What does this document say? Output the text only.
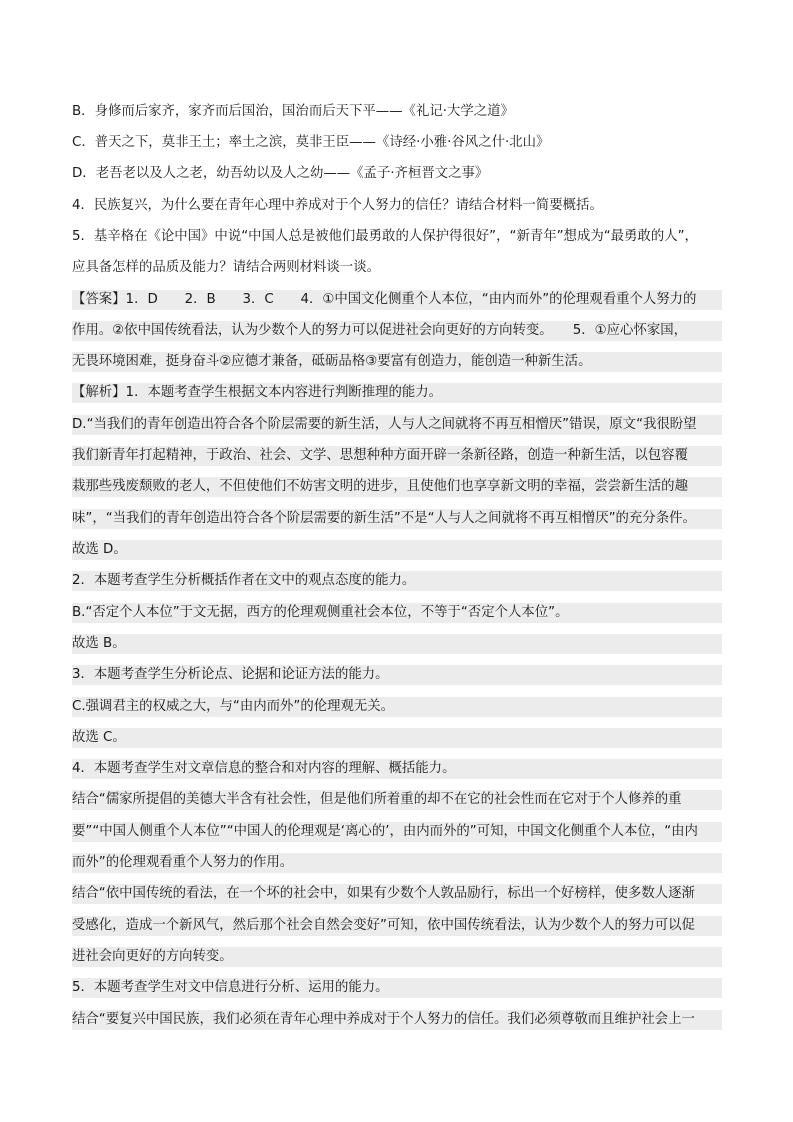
B．身修而后家齐，家齐而后国治，国治而后天下平——《礼记·大学之道》
C．普天之下，莫非王土；率土之滨，莫非王臣——《诗经·小雅·谷风之什·北山》
D．老吾老以及人之老，幼吾幼以及人之幼——《孟子·齐桓晋文之事》
4．民族复兴，为什么要在青年心理中养成对于个人努力的信任？请结合材料一简要概括。
5．基辛格在《论中国》中说“中国人总是被他们最勇敢的人保护得很好”，“新青年”想成为“最勇敢的人”，
应具备怎样的品质及能力？请结合两则材料谈一谈。
【答案】1．D　　2．B　　3．C　　4．①中国文化侧重个人本位，“由内而外”的伦理观看重个人努力的
作用。②依中国传统看法，认为少数个人的努力可以促进社会向更好的方向转变。　　5．①应心怀家国，
无畏环境困难，挺身奋斗②应德才兼备，砥砺品格③要富有创造力，能创造一种新生活。
【解析】1．本题考查学生根据文本内容进行判断推理的能力。
D.“当我们的青年创造出符合各个阶层需要的新生活，人与人之间就将不再互相憎厌”错误，原文“我很盼望
我们新青年打起精神，于政治、社会、文学、思想种种方面开辟一条新径路，创造一种新生活，以包容覆
栽那些残废颓败的老人，不但使他们不妨害文明的进步，且使他们也享享新文明的幸福，尝尝新生活的趣
味”，“当我们的青年创造出符合各个阶层需要的新生活”不是“人与人之间就将不再互相憎厌”的充分条件。
故选 D。
2．本题考查学生分析概括作者在文中的观点态度的能力。
B.“否定个人本位”于文无据，西方的伦理观侧重社会本位，不等于“否定个人本位”。
故选 B。
3．本题考查学生分析论点、论据和论证方法的能力。
C.强调君主的权威之大，与“由内而外”的伦理观无关。
故选 C。
4．本题考查学生对文章信息的整合和对内容的理解、概括能力。
结合“儒家所提倡的美德大半含有社会性，但是他们所着重的却不在它的社会性而在它对于个人修养的重
要”“中国人侧重个人本位”“中国人的伦理观是‘离心的’，由内而外的”可知，中国文化侧重个人本位，“由内
而外”的伦理观看重个人努力的作用。
结合“依中国传统的看法，在一个坏的社会中，如果有少数个人敦品励行，标出一个好榜样，使多数人逐渐
受感化，造成一个新风气，然后那个社会自然会变好”可知，依中国传统看法，认为少数个人的努力可以促
进社会向更好的方向转变。
5．本题考查学生对文中信息进行分析、运用的能力。
结合“要复兴中国民族，我们必须在青年心理中养成对于个人努力的信任。我们必须尊敬而且维护社会上一
